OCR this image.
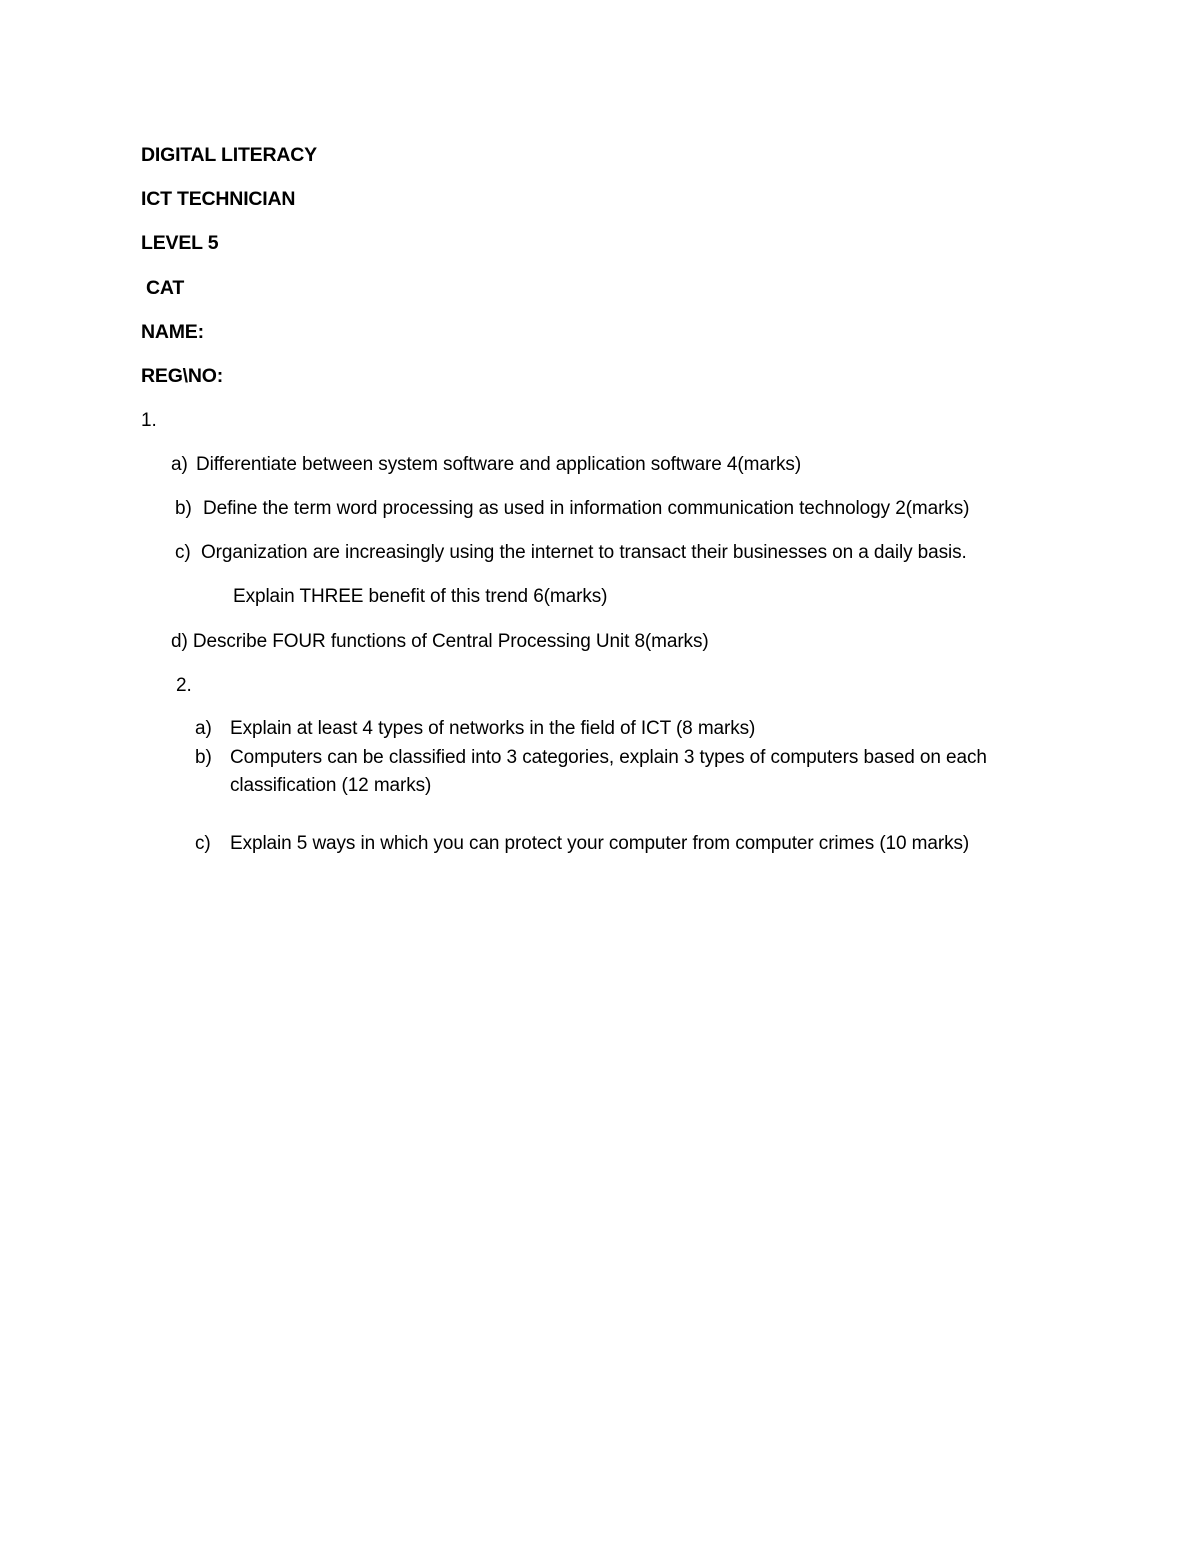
DIGITAL LITERACY
ICT TECHNICIAN
LEVEL 5
CAT
NAME:
REG\NO:
1.
a) Differentiate between system software and application software 4(marks)
b) Define the term word processing as used in information communication technology 2(marks)
c) Organization are increasingly using the internet to transact their businesses on a daily basis.
Explain THREE benefit of this trend 6(marks)
d) Describe FOUR functions of Central Processing Unit 8(marks)
2.
a) Explain at least 4 types of networks in the field of ICT (8 marks)
b) Computers can be classified into 3 categories, explain 3 types of computers based on each
classification (12 marks)
c) Explain 5 ways in which you can protect your computer from computer crimes (10 marks)
